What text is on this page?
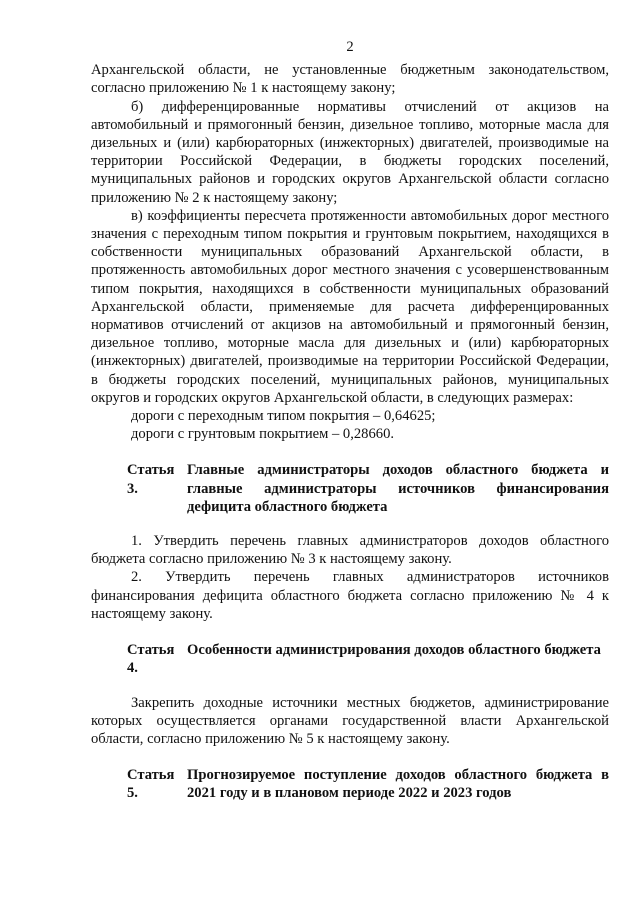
2

Архангельской области, не установленные бюджетным законодательством, согласно приложению № 1 к настоящему закону;

б) дифференцированные нормативы отчислений от акцизов на автомобильный и прямогонный бензин, дизельное топливо, моторные масла для дизельных и (или) карбюраторных (инжекторных) двигателей, производимые на территории Российской Федерации, в бюджеты городских поселений, муниципальных районов и городских округов Архангельской области согласно приложению № 2 к настоящему закону;

в) коэффициенты пересчета протяженности автомобильных дорог местного значения с переходным типом покрытия и грунтовым покрытием, находящихся в собственности муниципальных образований Архангельской области, в протяженность автомобильных дорог местного значения с усовершенствованным типом покрытия, находящихся в собственности муниципальных образований Архангельской области, применяемые для расчета дифференцированных нормативов отчислений от акцизов на автомобильный и прямогонный бензин, дизельное топливо, моторные масла для дизельных и (или) карбюраторных (инжекторных) двигателей, производимые на территории Российской Федерации, в бюджеты городских поселений, муниципальных районов, муниципальных округов и городских округов Архангельской области, в следующих размерах:

дороги с переходным типом покрытия – 0,64625;

дороги с грунтовым покрытием – 0,28660.

Статья 3.
Главные администраторы доходов областного бюджета и главные администраторы источников финансирования дефицита областного бюджета

1. Утвердить перечень главных администраторов доходов областного бюджета согласно приложению № 3 к настоящему закону.

2. Утвердить перечень главных администраторов источников финансирования дефицита областного бюджета согласно приложению № 4 к настоящему закону.

Статья 4.
Особенности администрирования доходов областного бюджета

Закрепить доходные источники местных бюджетов, администрирование которых осуществляется органами государственной власти Архангельской области, согласно приложению № 5 к настоящему закону.

Статья 5.
Прогнозируемое поступление доходов областного бюджета в 2021 году и в плановом периоде 2022 и 2023 годов
